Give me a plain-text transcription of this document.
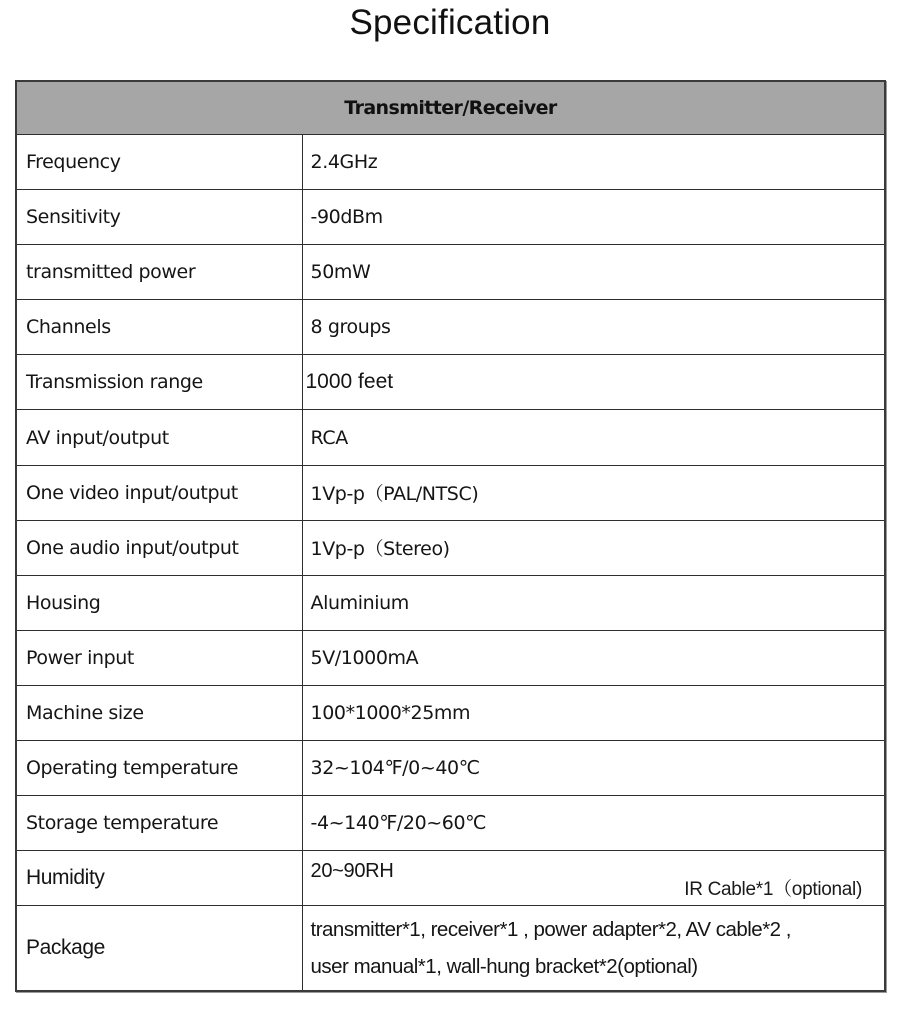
Specification
Transmitter/Receiver	
Frequency	2.4GHz
Sensitivity	-90dBm
transmitted power	50mW
Channels	8 groups
Transmission range	1000 feet
AV input/output	RCA
One video input/output	1Vp-p（PAL/NTSC)
One audio input/output	1Vp-p（Stereo)
Housing	Aluminium
Power input	5V/1000mA
Machine size	100*1000*25mm
Operating temperature	32~104℉/0~40℃
Storage temperature	-4~140℉/20~60℃
Humidity	20~90RH
IR Cable*1（optional)

Package	transmitter*1, receiver*1 , power adapter*2, AV cable*2 ,
user manual*1, wall-hung bracket*2(optional)
